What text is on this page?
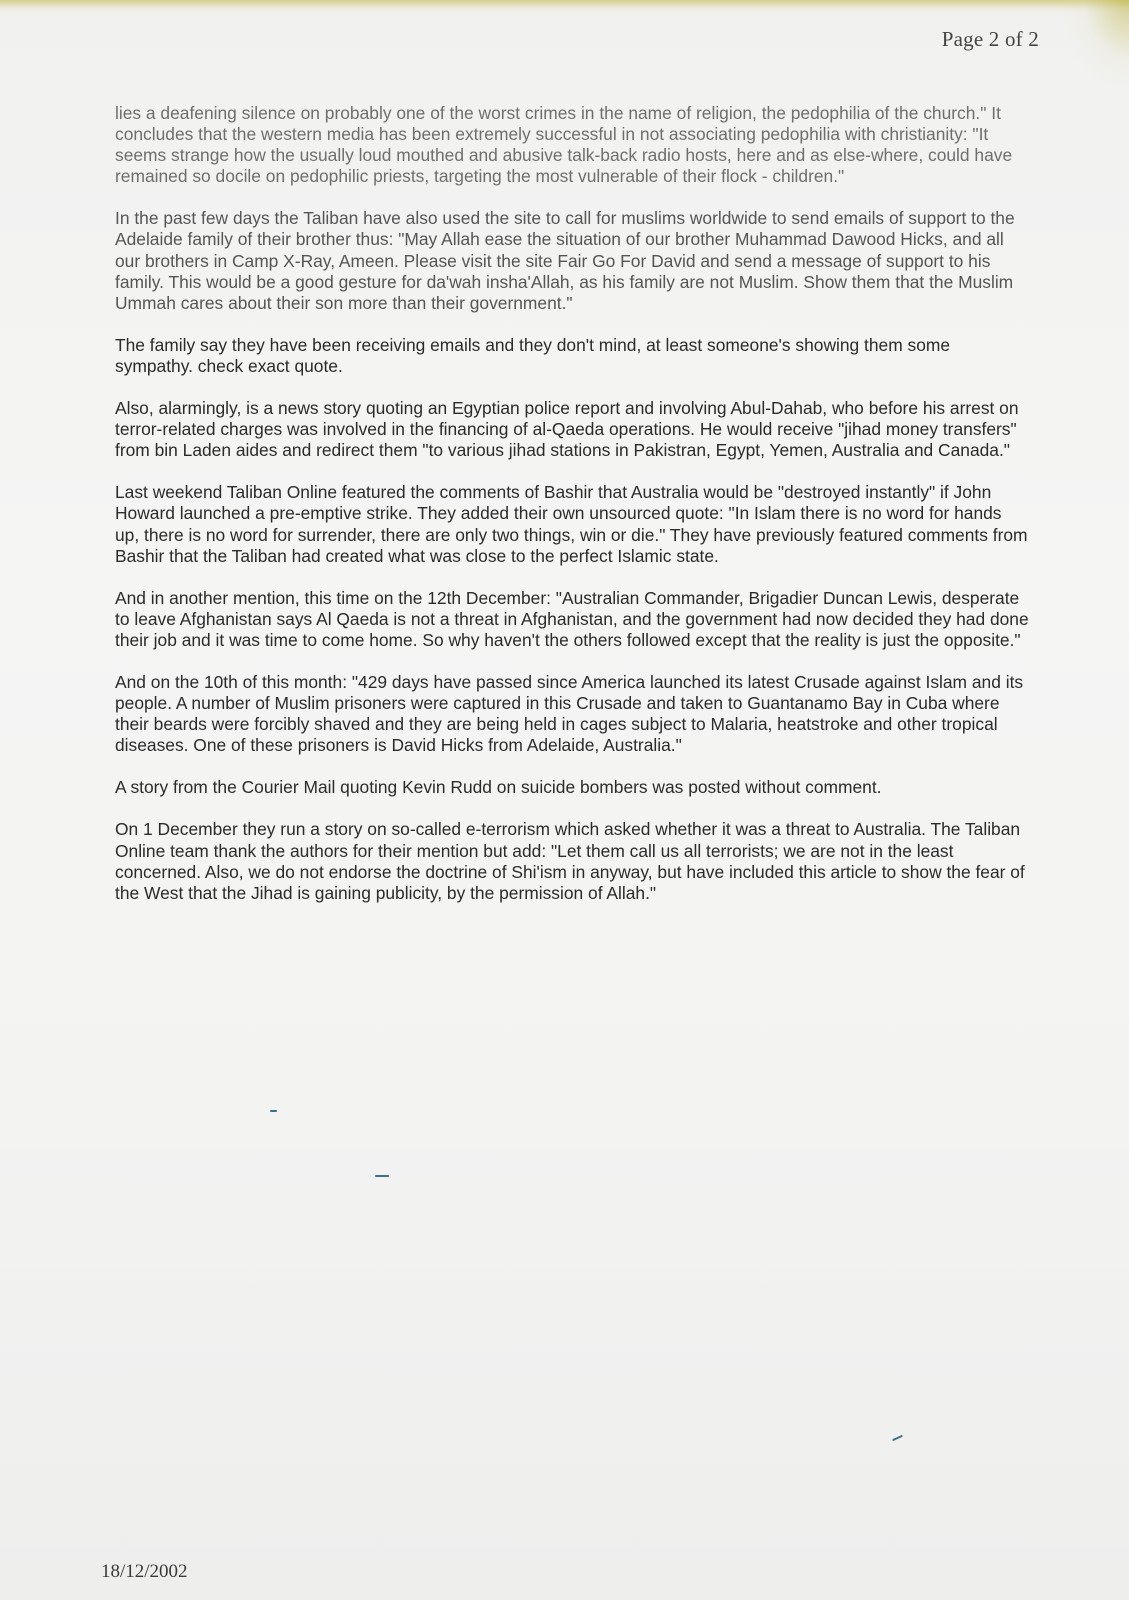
Page 2 of 2

lies a deafening silence on probably one of the worst crimes in the name of religion, the pedophilia of the church." It concludes that the western media has been extremely successful in not associating pedophilia with christianity: "It seems strange how the usually loud mouthed and abusive talk-back radio hosts, here and as else-where, could have remained so docile on pedophilic priests, targeting the most vulnerable of their flock - children."

In the past few days the Taliban have also used the site to call for muslims worldwide to send emails of support to the Adelaide family of their brother thus: "May Allah ease the situation of our brother Muhammad Dawood Hicks, and all our brothers in Camp X-Ray, Ameen. Please visit the site Fair Go For David and send a message of support to his family. This would be a good gesture for da'wah insha'Allah, as his family are not Muslim. Show them that the Muslim Ummah cares about their son more than their government."

The family say they have been receiving emails and they don't mind, at least someone's showing them some sympathy. check exact quote.

Also, alarmingly, is a news story quoting an Egyptian police report and involving Abul-Dahab, who before his arrest on terror-related charges was involved in the financing of al-Qaeda operations. He would receive "jihad money transfers" from bin Laden aides and redirect them "to various jihad stations in Pakistran, Egypt, Yemen, Australia and Canada."

Last weekend Taliban Online featured the comments of Bashir that Australia would be "destroyed instantly" if John Howard launched a pre-emptive strike. They added their own unsourced quote: "In Islam there is no word for hands up, there is no word for surrender, there are only two things, win or die." They have previously featured comments from Bashir that the Taliban had created what was close to the perfect Islamic state.

And in another mention, this time on the 12th December: "Australian Commander, Brigadier Duncan Lewis, desperate to leave Afghanistan says Al Qaeda is not a threat in Afghanistan, and the government had now decided they had done their job and it was time to come home. So why haven't the others followed except that the reality is just the opposite."

And on the 10th of this month: "429 days have passed since America launched its latest Crusade against Islam and its people. A number of Muslim prisoners were captured in this Crusade and taken to Guantanamo Bay in Cuba where their beards were forcibly shaved and they are being held in cages subject to Malaria, heatstroke and other tropical diseases. One of these prisoners is David Hicks from Adelaide, Australia."

A story from the Courier Mail quoting Kevin Rudd on suicide bombers was posted without comment.

On 1 December they run a story on so-called e-terrorism which asked whether it was a threat to Australia. The Taliban Online team thank the authors for their mention but add: "Let them call us all terrorists; we are not in the least concerned. Also, we do not endorse the doctrine of Shi'ism in anyway, but have included this article to show the fear of the West that the Jihad is gaining publicity, by the permission of Allah."

18/12/2002
